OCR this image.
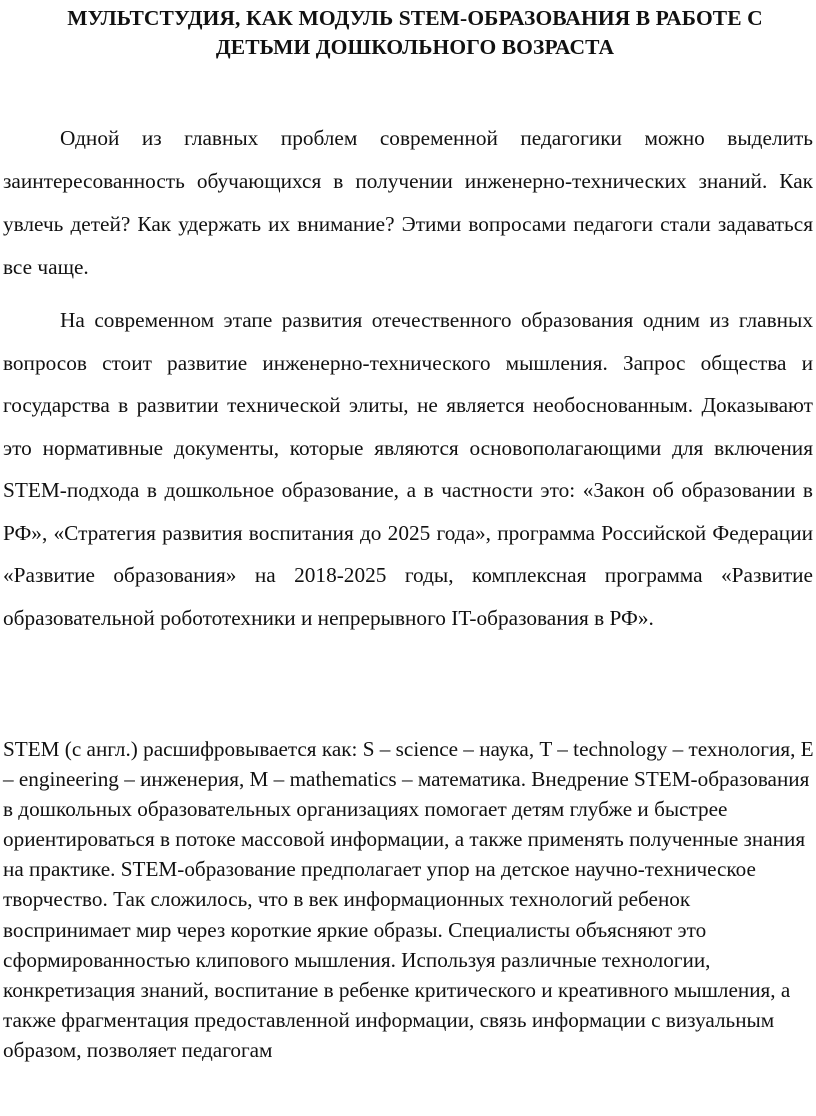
МУЛЬТСТУДИЯ, КАК МОДУЛЬ STEM-ОБРАЗОВАНИЯ В РАБОТЕ С ДЕТЬМИ ДОШКОЛЬНОГО ВОЗРАСТА

Одной из главных проблем современной педагогики можно выделить заинтересованность обучающихся в получении инженерно-технических знаний. Как увлечь детей? Как удержать их внимание? Этими вопросами педагоги стали задаваться все чаще.

На современном этапе развития отечественного образования одним из главных вопросов стоит развитие инженерно-технического мышления. Запрос общества и государства в развитии технической элиты, не является необоснованным. Доказывают это нормативные документы, которые являются основополагающими для включения STEM-подхода в дошкольное образование, а в частности это: «Закон об образовании в РФ», «Стратегия развития воспитания до 2025 года», программа Российской Федерации «Развитие образования» на 2018-2025 годы, комплексная программа «Развитие образовательной робототехники и непрерывного IT-образования в РФ».

STEM (с англ.) расшифровывается как: S – science – наука, T – technology – технология, E – engineering – инженерия, M – mathematics – математика. Внедрение STEM-образования в дошкольных образовательных организациях помогает детям глубже и быстрее ориентироваться в потоке массовой информации, а также применять полученные знания на практике. STEM-образование предполагает упор на детское научно-техническое творчество. Так сложилось, что в век информационных технологий ребенок воспринимает мир через короткие яркие образы. Специалисты объясняют это сформированностью клипового мышления. Используя различные технологии, конкретизация знаний, воспитание в ребенке критического и креативного мышления, а также фрагментация предоставленной информации, связь информации с визуальным образом, позволяет педагогам
